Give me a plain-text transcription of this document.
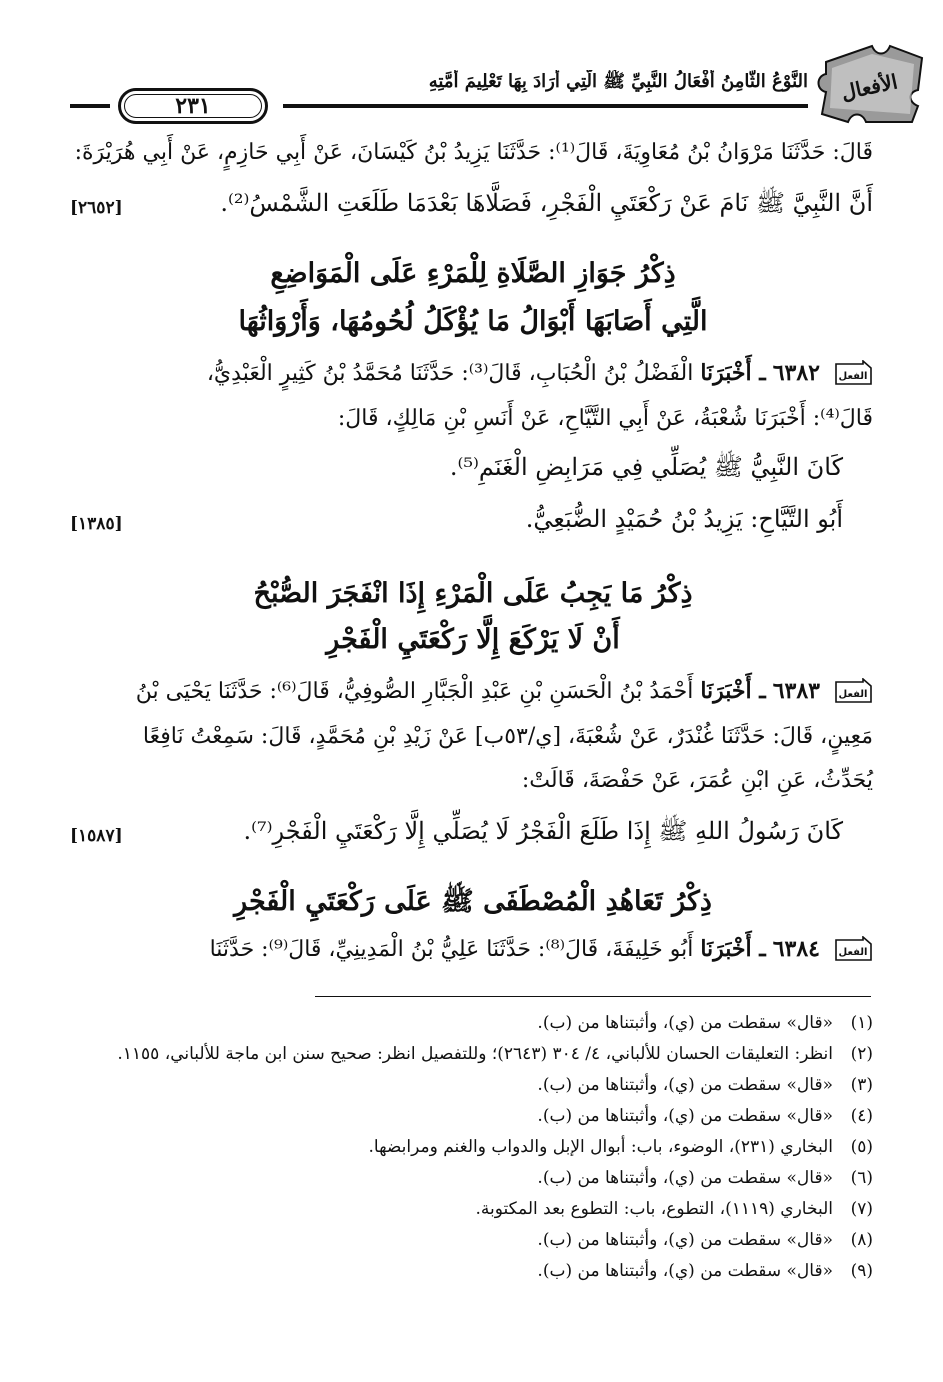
الأفعال
النَّوْعُ الثَّامِنُ أَفْعَالُ النَّبِيِّ ﷺ الَّتِي أَرَادَ بِهَا تَعْلِيمَ أُمَّتِهِ
٢٣١
قَالَ: حَدَّثَنَا مَرْوَانُ بْنُ مُعَاوِيَةَ، قَالَ⁽¹⁾: حَدَّثَنَا يَزِيدُ بْنُ كَيْسَانَ، عَنْ أَبِي حَازِمٍ، عَنْ أَبِي هُرَيْرَةَ:
أَنَّ النَّبِيَّ ﷺ نَامَ عَنْ رَكْعَتَيِ الْفَجْرِ، فَصَلَّاهَا بَعْدَمَا طَلَعَتِ الشَّمْسُ⁽²⁾.
[٢٦٥٢]
ذِكْرُ جَوَازِ الصَّلَاةِ لِلْمَرْءِ عَلَى الْمَوَاضِعِ
الَّتِي أَصَابَهَا أَبْوَالُ مَا يُؤْكَلُ لُحُومُهَا، وَأَرْوَاثُهَا
الفعل
٦٣٨٢ ـ أَخْبَرَنَا الْفَضْلُ بْنُ الْحُبَابِ، قَالَ⁽³⁾: حَدَّثَنَا مُحَمَّدُ بْنُ كَثِيرٍ الْعَبْدِيُّ،
قَالَ⁽⁴⁾: أَخْبَرَنَا شُعْبَةُ، عَنْ أَبِي التَّيَّاحِ، عَنْ أَنَسِ بْنِ مَالِكٍ، قَالَ:
كَانَ النَّبِيُّ ﷺ يُصَلِّي فِي مَرَابِضِ الْغَنَمِ⁽⁵⁾.
أَبُو التَّيَّاحِ: يَزِيدُ بْنُ حُمَيْدٍ الضُّبَعِيُّ.
[١٣٨٥]
ذِكْرُ مَا يَجِبُ عَلَى الْمَرْءِ إِذَا انْفَجَرَ الصُّبْحُ
أَنْ لَا يَرْكَعَ إِلَّا رَكْعَتَيِ الْفَجْرِ
الفعل
٦٣٨٣ ـ أَخْبَرَنَا أَحْمَدُ بْنُ الْحَسَنِ بْنِ عَبْدِ الْجَبَّارِ الصُّوفِيُّ، قَالَ⁽⁶⁾: حَدَّثَنَا يَحْيَى بْنُ
مَعِينٍ، قَالَ: حَدَّثَنَا غُنْدَرٌ، عَنْ شُعْبَةَ، [ي/٥٣ب] عَنْ زَيْدِ بْنِ مُحَمَّدٍ، قَالَ: سَمِعْتُ نَافِعًا
يُحَدِّثُ، عَنِ ابْنِ عُمَرَ، عَنْ حَفْصَةَ، قَالَتْ:
كَانَ رَسُولُ اللهِ ﷺ إِذَا طَلَعَ الْفَجْرُ لَا يُصَلِّي إِلَّا رَكْعَتَيِ الْفَجْرِ⁽⁷⁾.
[١٥٨٧]
ذِكْرُ تَعَاهُدِ الْمُصْطَفَى ﷺ عَلَى رَكْعَتَيِ الْفَجْرِ
الفعل
٦٣٨٤ ـ أَخْبَرَنَا أَبُو خَلِيفَةَ، قَالَ⁽⁸⁾: حَدَّثَنَا عَلِيُّ بْنُ الْمَدِينِيِّ، قَالَ⁽⁹⁾: حَدَّثَنَا
(١)
«قال» سقطت من (ي)، وأثبتناها من (ب).
(٢)
انظر: التعليقات الحسان للألباني، ٤/ ٣٠٤ (٢٦٤٣)؛ وللتفصيل انظر: صحيح سنن ابن ماجة للألباني، ١١٥٥.
(٣)
«قال» سقطت من (ي)، وأثبتناها من (ب).
(٤)
«قال» سقطت من (ي)، وأثبتناها من (ب).
(٥)
البخاري (٢٣١)، الوضوء، باب: أبوال الإبل والدواب والغنم ومرابضها.
(٦)
«قال» سقطت من (ي)، وأثبتناها من (ب).
(٧)
البخاري (١١١٩)، التطوع، باب: التطوع بعد المكتوبة.
(٨)
«قال» سقطت من (ي)، وأثبتناها من (ب).
(٩)
«قال» سقطت من (ي)، وأثبتناها من (ب).
